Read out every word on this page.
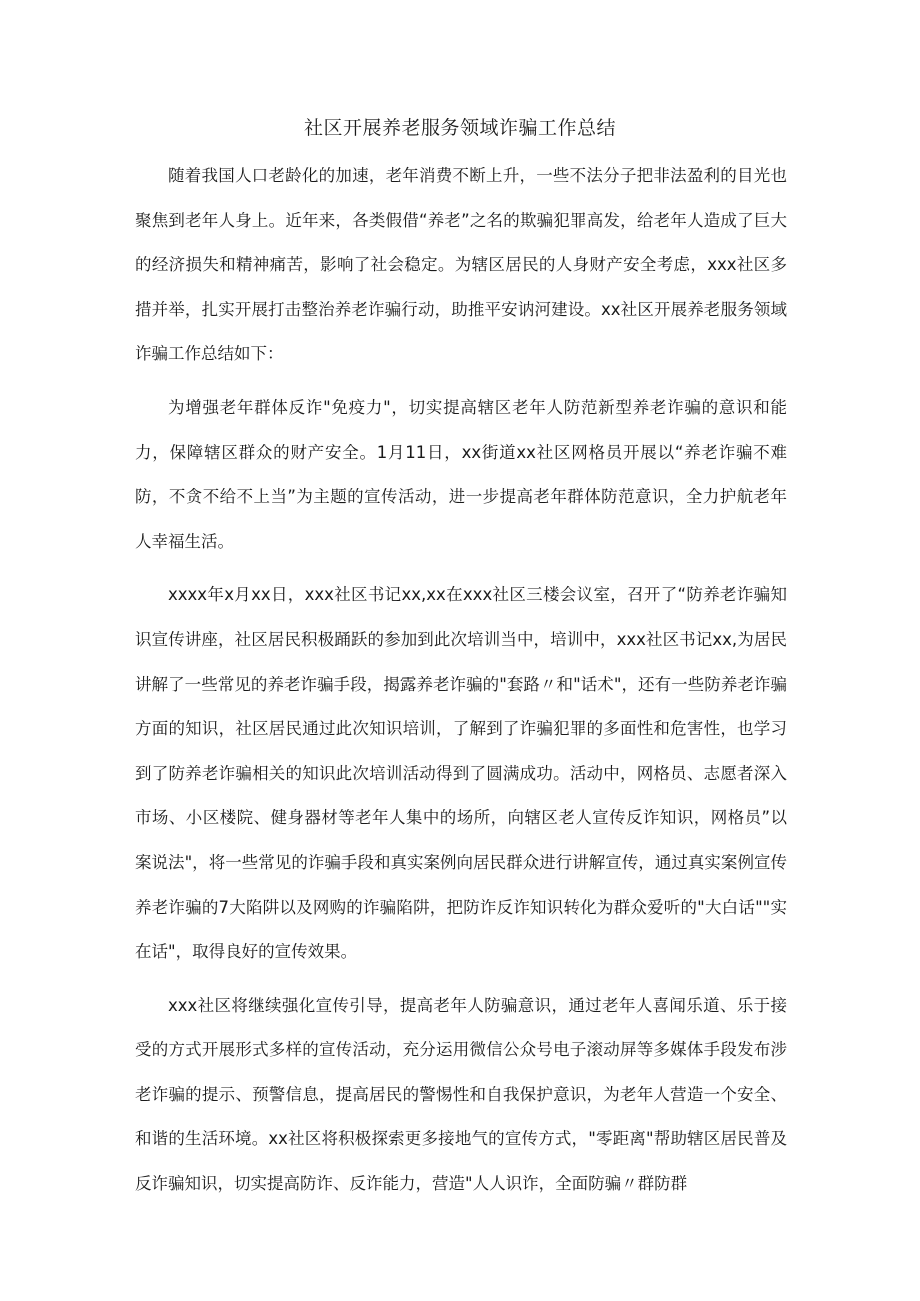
社区开展养老服务领域诈骗工作总结

随着我国人口老龄化的加速，老年消费不断上升，一些不法分子把非法盈利的目光也聚焦到老年人身上。近年来，各类假借“养老”之名的欺骗犯罪高发，给老年人造成了巨大的经济损失和精神痛苦，影响了社会稳定。为辖区居民的人身财产安全考虑，xxx社区多措并举，扎实开展打击整治养老诈骗行动，助推平安讷河建设。xx社区开展养老服务领域诈骗工作总结如下：

为增强老年群体反诈"免疫力"，切实提高辖区老年人防范新型养老诈骗的意识和能力，保障辖区群众的财产安全。1月11日，xx街道xx社区网格员开展以“养老诈骗不难防，不贪不给不上当”为主题的宣传活动，进一步提高老年群体防范意识，全力护航老年人幸福生活。

xxxx年x月xx日，xxx社区书记xx,xx在xxx社区三楼会议室，召开了“防养老诈骗知识宣传讲座，社区居民积极踊跃的参加到此次培训当中，培训中，xxx社区书记xx,为居民讲解了一些常见的养老诈骗手段，揭露养老诈骗的"套路〃和"话术"，还有一些防养老诈骗方面的知识，社区居民通过此次知识培训，了解到了诈骗犯罪的多面性和危害性，也学习到了防养老诈骗相关的知识此次培训活动得到了圆满成功。活动中，网格员、志愿者深入市场、小区楼院、健身器材等老年人集中的场所，向辖区老人宣传反诈知识，网格员”以案说法"，将一些常见的诈骗手段和真实案例向居民群众进行讲解宣传，通过真实案例宣传养老诈骗的7大陷阱以及网购的诈骗陷阱，把防诈反诈知识转化为群众爱听的"大白话""实在话"，取得良好的宣传效果。

xxx社区将继续强化宣传引导，提高老年人防骗意识，通过老年人喜闻乐道、乐于接受的方式开展形式多样的宣传活动，充分运用微信公众号电子滚动屏等多媒体手段发布涉老诈骗的提示、预警信息，提高居民的警惕性和自我保护意识，为老年人营造一个安全、和谐的生活环境。xx社区将积极探索更多接地气的宣传方式，"零距离"帮助辖区居民普及反诈骗知识，切实提高防诈、反诈能力，营造"人人识诈，全面防骗〃群防群
